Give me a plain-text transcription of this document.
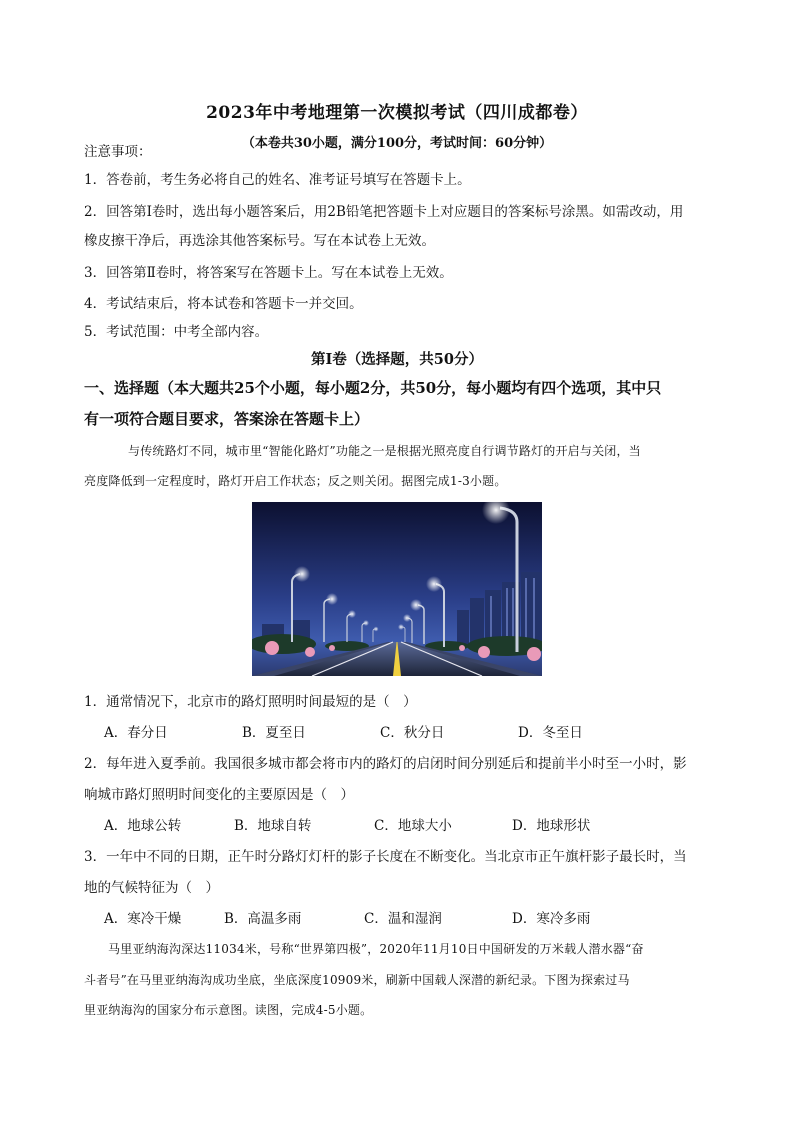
2023年中考地理第一次模拟考试（四川成都卷）
（本卷共30小题，满分100分，考试时间：60分钟）
注意事项：
1．答卷前，考生务必将自己的姓名、准考证号填写在答题卡上。
2．回答第Ⅰ卷时，选出每小题答案后，用2B铅笔把答题卡上对应题目的答案标号涂黑。如需改动，用
橡皮擦干净后，再选涂其他答案标号。写在本试卷上无效。
3．回答第Ⅱ卷时，将答案写在答题卡上。写在本试卷上无效。
4．考试结束后，将本试卷和答题卡一并交回。
5．考试范围：中考全部内容。
第Ⅰ卷（选择题，共50分）
一、选择题（本大题共25个小题，每小题2分，共50分，每小题均有四个选项，其中只
有一项符合题目要求，答案涂在答题卡上）
与传统路灯不同，城市里“智能化路灯”功能之一是根据光照亮度自行调节路灯的开启与关闭，当
亮度降低到一定程度时，路灯开启工作状态；反之则关闭。据图完成1-3小题。
1．通常情况下，北京市的路灯照明时间最短的是（　）
A．春分日	B．夏至日	C．秋分日	D．冬至日
2．每年进入夏季前。我国很多城市都会将市内的路灯的启闭时间分别延后和提前半小时至一小时，影
响城市路灯照明时间变化的主要原因是（　）
A．地球公转	B．地球自转	C．地球大小	D．地球形状
3．一年中不同的日期，正午时分路灯灯杆的影子长度在不断变化。当北京市正午旗杆影子最长时，当
地的气候特征为（　）
A．寒冷干燥	B．高温多雨	C．温和湿润	D．寒冷多雨
马里亚纳海沟深达11034米，号称“世界第四极”，2020年11月10日中国研发的万米载人潜水器“奋
斗者号”在马里亚纳海沟成功坐底，坐底深度10909米，刷新中国载人深潜的新纪录。下图为探索过马
里亚纳海沟的国家分布示意图。读图，完成4-5小题。
